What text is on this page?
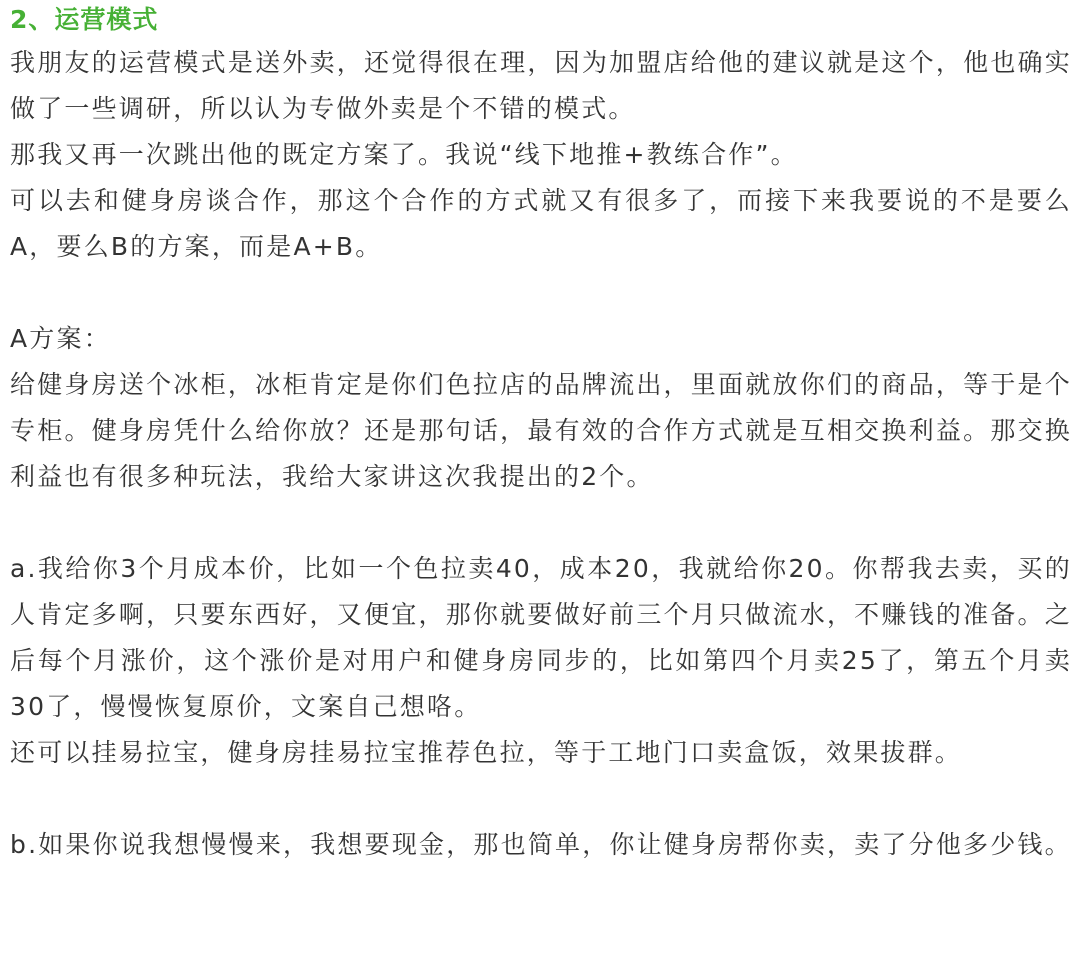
2、运营模式

我朋友的运营模式是送外卖，还觉得很在理，因为加盟店给他的建议就是这个，他也确实做了一些调研，所以认为专做外卖是个不错的模式。

那我又再一次跳出他的既定方案了。我说“线下地推+教练合作”。

可以去和健身房谈合作，那这个合作的方式就又有很多了，而接下来我要说的不是要么A，要么B的方案，而是A+B。

A方案：

给健身房送个冰柜，冰柜肯定是你们色拉店的品牌流出，里面就放你们的商品，等于是个专柜。健身房凭什么给你放？还是那句话，最有效的合作方式就是互相交换利益。那交换利益也有很多种玩法，我给大家讲这次我提出的2个。

a.我给你3个月成本价，比如一个色拉卖40，成本20，我就给你20。你帮我去卖，买的人肯定多啊，只要东西好，又便宜，那你就要做好前三个月只做流水，不赚钱的准备。之后每个月涨价，这个涨价是对用户和健身房同步的，比如第四个月卖25了，第五个月卖30了，慢慢恢复原价，文案自己想咯。

还可以挂易拉宝，健身房挂易拉宝推荐色拉，等于工地门口卖盒饭，效果拔群。

b.如果你说我想慢慢来，我想要现金，那也简单，你让健身房帮你卖，卖了分他多少钱。
